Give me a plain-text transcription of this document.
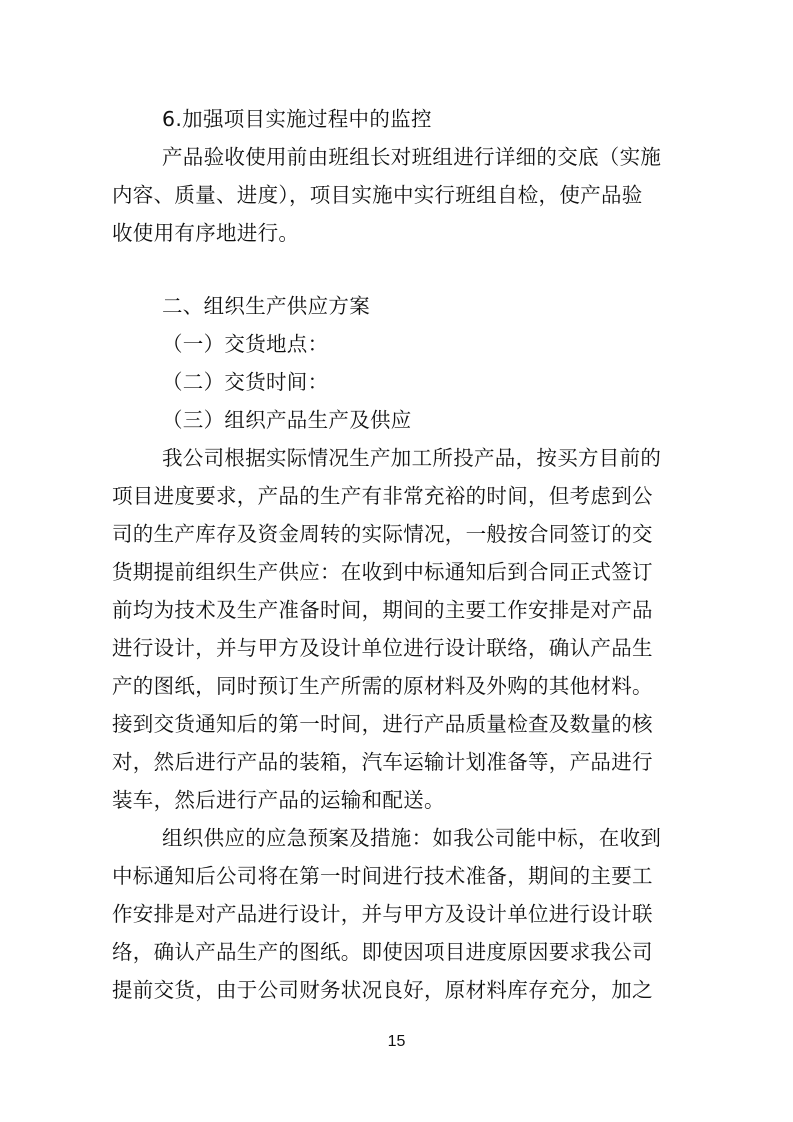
6.加强项目实施过程中的监控
产品验收使用前由班组长对班组进行详细的交底（实施
内容、质量、进度），项目实施中实行班组自检，使产品验
收使用有序地进行。
二、组织生产供应方案
（一）交货地点：
（二）交货时间：
（三）组织产品生产及供应
我公司根据实际情况生产加工所投产品，按买方目前的
项目进度要求，产品的生产有非常充裕的时间，但考虑到公
司的生产库存及资金周转的实际情况，一般按合同签订的交
货期提前组织生产供应：在收到中标通知后到合同正式签订
前均为技术及生产准备时间，期间的主要工作安排是对产品
进行设计，并与甲方及设计单位进行设计联络，确认产品生
产的图纸，同时预订生产所需的原材料及外购的其他材料。
接到交货通知后的第一时间，进行产品质量检查及数量的核
对，然后进行产品的装箱，汽车运输计划准备等，产品进行
装车，然后进行产品的运输和配送。
组织供应的应急预案及措施：如我公司能中标，在收到
中标通知后公司将在第一时间进行技术准备，期间的主要工
作安排是对产品进行设计，并与甲方及设计单位进行设计联
络，确认产品生产的图纸。即使因项目进度原因要求我公司
提前交货，由于公司财务状况良好，原材料库存充分，加之
15
